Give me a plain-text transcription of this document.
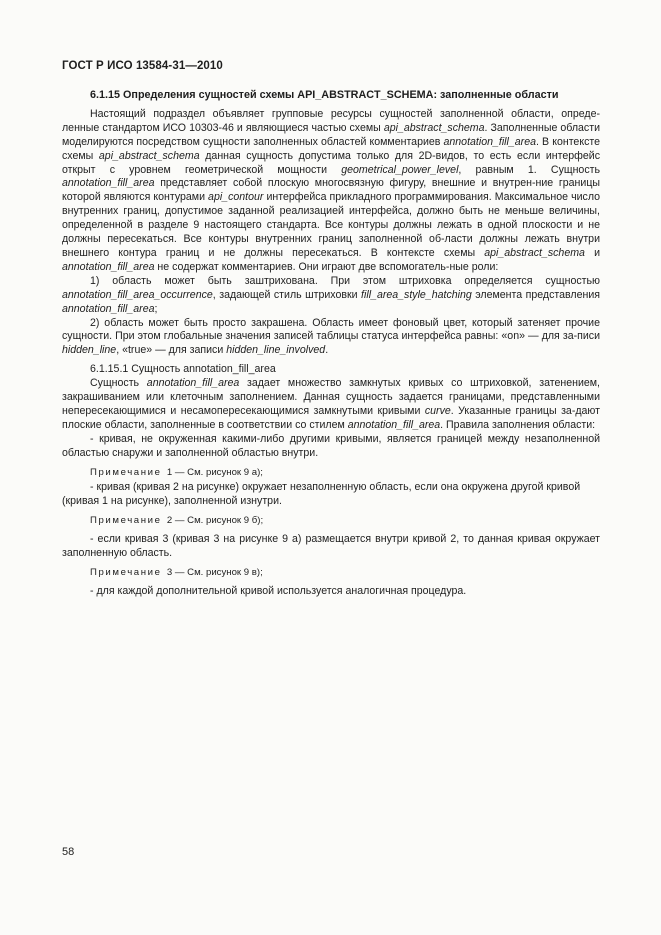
ГОСТ Р ИСО 13584-31—2010

6.1.15 Определения сущностей схемы API_ABSTRACT_SCHEMA: заполненные области

Настоящий подраздел объявляет групповые ресурсы сущностей заполненной области, опреде-ленные стандартом ИСО 10303-46 и являющиеся частью схемы api_abstract_schema. Заполненные области моделируются посредством сущности заполненных областей комментариев annotation_fill_area. В контексте схемы api_abstract_schema данная сущность допустима только для 2D-видов, то есть если интерфейс открыт с уровнем геометрической мощности geometrical_power_level, равным 1. Сущность annotation_fill_area представляет собой плоскую многосвязную фигуру, внешние и внутрен-ние границы которой являются контурами api_contour интерфейса прикладного программирования. Максимальное число внутренних границ, допустимое заданной реализацией интерфейса, должно быть не меньше величины, определенной в разделе 9 настоящего стандарта. Все контуры должны лежать в одной плоскости и не должны пересекаться. Все контуры внутренних границ заполненной об-ласти должны лежать внутри внешнего контура границ и не должны пересекаться. В контексте схемы api_abstract_schema и annotation_fill_area не содержат комментариев. Они играют две вспомогатель-ные роли:

1) область может быть заштрихована. При этом штриховка определяется сущностью annotation_fill_area_occurrence, задающей стиль штриховки fill_area_style_hatching элемента представления annotation_fill_area;

2) область может быть просто закрашена. Область имеет фоновый цвет, который затеняет прочие сущности. При этом глобальные значения записей таблицы статуса интерфейса равны: «on» — для за-писи hidden_line, «true» — для записи hidden_line_involved.

6.1.15.1 Сущность annotation_fill_area

Сущность annotation_fill_area задает множество замкнутых кривых со штриховкой, затенением, закрашиванием или клеточным заполнением. Данная сущность задается границами, представленными непересекающимися и несамопересекающимися замкнутыми кривыми curve. Указанные границы за-дают плоские области, заполненные в соответствии со стилем annotation_fill_area. Правила заполнения области:

- кривая, не окруженная какими-либо другими кривыми, является границей между незаполненной областью снаружи и заполненной областью внутри.

Примечание 1 — См. рисунок 9 а);

- кривая (кривая 2 на рисунке) окружает незаполненную область, если она окружена другой кривой

(кривая 1 на рисунке), заполненной изнутри.

Примечание 2 — См. рисунок 9 б);

- если кривая 3 (кривая 3 на рисунке 9 а) размещается внутри кривой 2, то данная кривая окружает заполненную область.

Примечание 3 — См. рисунок 9 в);

- для каждой дополнительной кривой используется аналогичная процедура.

58
